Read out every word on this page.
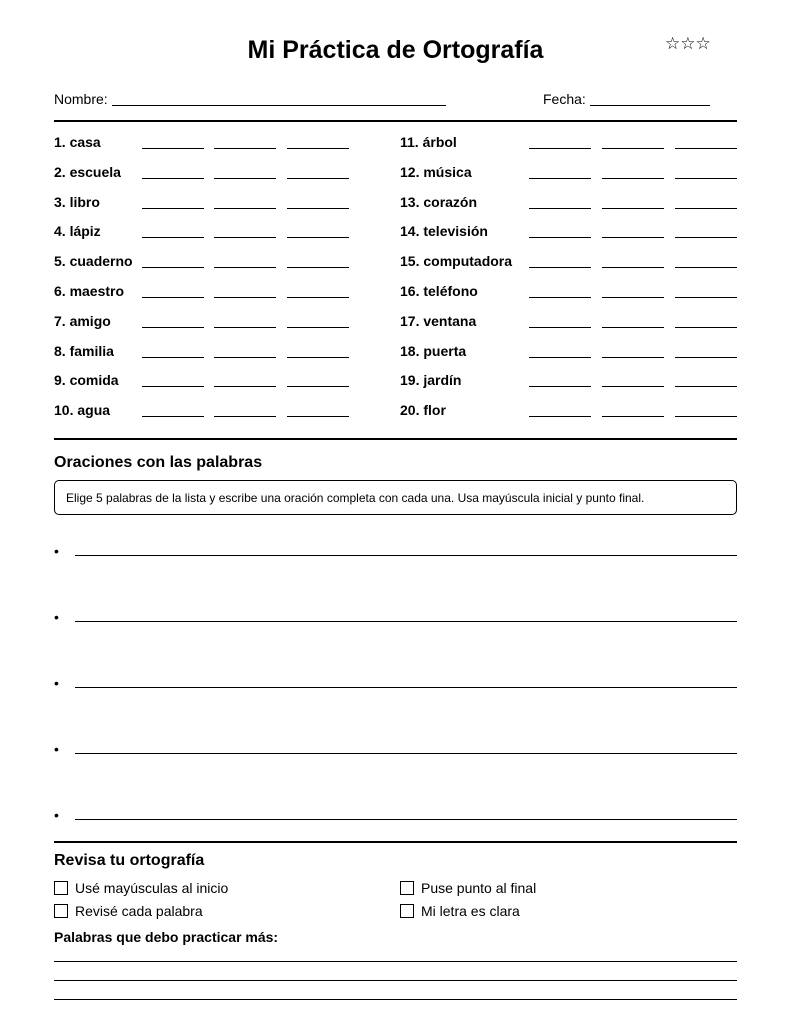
Mi Práctica de Ortografía	☆☆☆
Nombre:	Fecha:
1. casa
2. escuela
3. libro
4. lápiz
5. cuaderno
6. maestro
7. amigo
8. familia
9. comida
10. agua
11. árbol
12. música
13. corazón
14. televisión
15. computadora
16. teléfono
17. ventana
18. puerta
19. jardín
20. flor
Oraciones con las palabras
Elige 5 palabras de la lista y escribe una oración completa con cada una. Usa mayúscula inicial y punto final.
•
•
•
•
•
Revisa tu ortografía
Usé mayúsculas al inicio	Puse punto al final
Revisé cada palabra	Mi letra es clara
Palabras que debo practicar más:
